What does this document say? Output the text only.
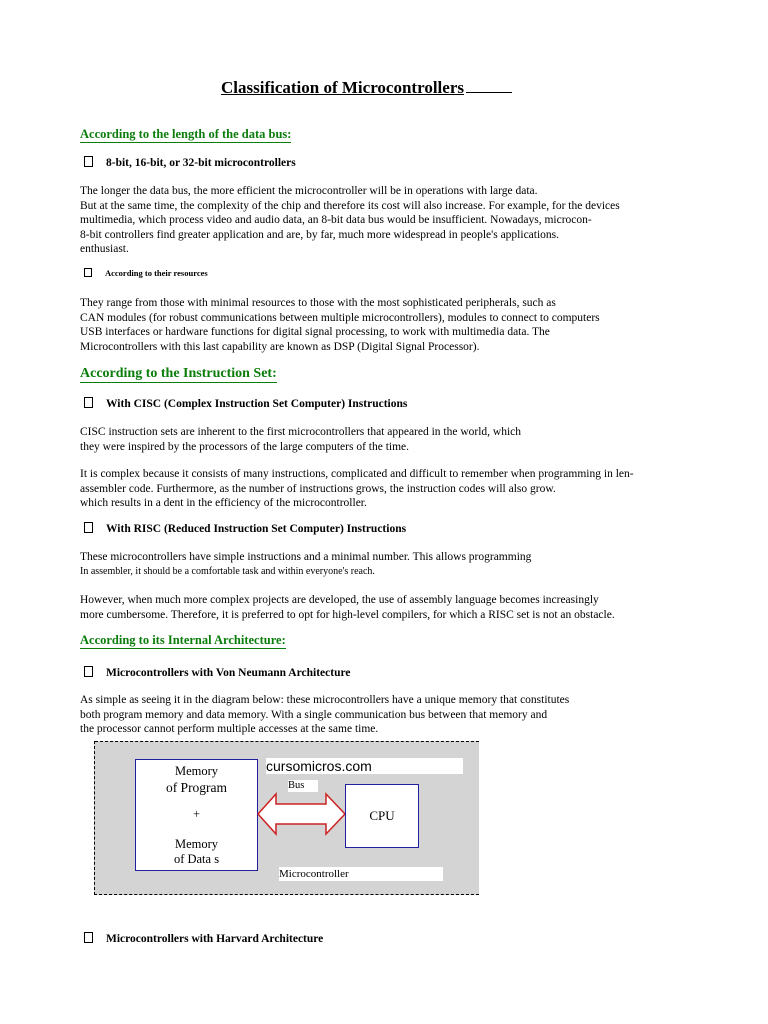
Classification of Microcontrollers
According to the length of the data bus:
8-bit, 16-bit, or 32-bit microcontrollers
The longer the data bus, the more efficient the microcontroller will be in operations with large data.
But at the same time, the complexity of the chip and therefore its cost will also increase. For example, for the devices
multimedia, which process video and audio data, an 8-bit data bus would be insufficient. Nowadays, microcon-
8-bit controllers find greater application and are, by far, much more widespread in people's applications.
enthusiast.
According to their resources
They range from those with minimal resources to those with the most sophisticated peripherals, such as
CAN modules (for robust communications between multiple microcontrollers), modules to connect to computers
USB interfaces or hardware functions for digital signal processing, to work with multimedia data. The
Microcontrollers with this last capability are known as DSP (Digital Signal Processor).
According to the Instruction Set:
With CISC (Complex Instruction Set Computer) Instructions
CISC instruction sets are inherent to the first microcontrollers that appeared in the world, which
they were inspired by the processors of the large computers of the time.
It is complex because it consists of many instructions, complicated and difficult to remember when programming in len-
assembler code. Furthermore, as the number of instructions grows, the instruction codes will also grow.
which results in a dent in the efficiency of the microcontroller.
With RISC (Reduced Instruction Set Computer) Instructions
These microcontrollers have simple instructions and a minimal number. This allows programming
In assembler, it should be a comfortable task and within everyone's reach.
However, when much more complex projects are developed, the use of assembly language becomes increasingly
more cumbersome. Therefore, it is preferred to opt for high-level compilers, for which a RISC set is not an obstacle.
According to its Internal Architecture:
Microcontrollers with Von Neumann Architecture
As simple as seeing it in the diagram below: these microcontrollers have a unique memory that constitutes
both program memory and data memory. With a single communication bus between that memory and
the processor cannot perform multiple accesses at the same time.
Memory
of Program
+
Memory
of Data s
cursomicros.com
Bus
CPU
Microcontroller
Microcontrollers with Harvard Architecture
